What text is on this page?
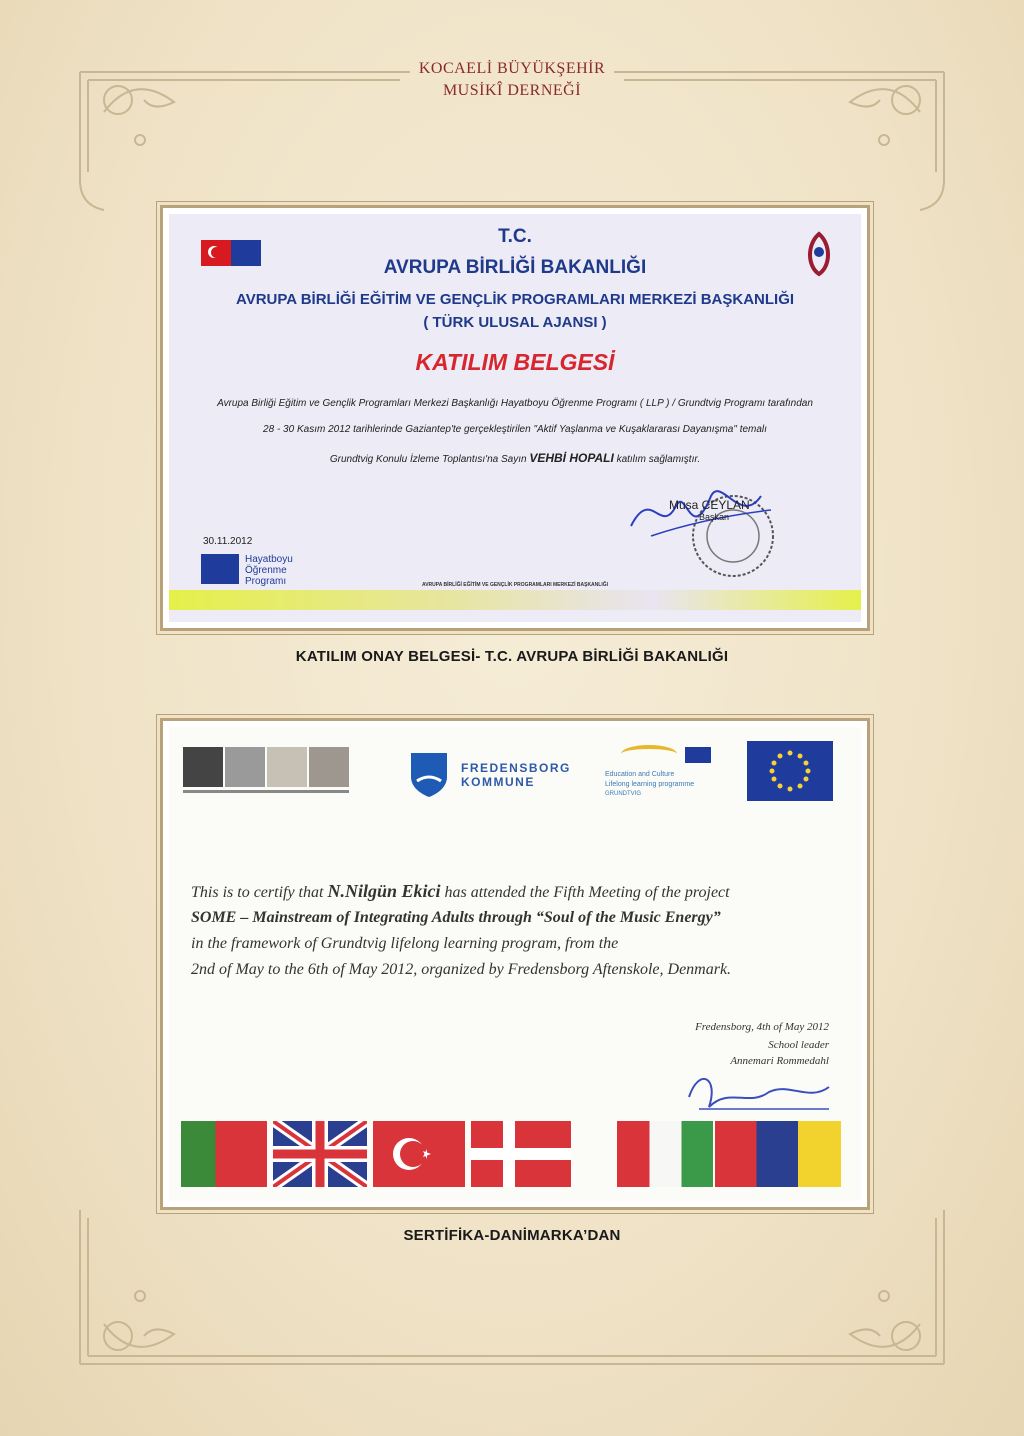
KOCAELİ BÜYÜKŞEHİR
MUSİKÎ DERNEĞİ
T.C.
AVRUPA BİRLİĞİ BAKANLIĞI
AVRUPA BİRLİĞİ EĞİTİM VE GENÇLİK PROGRAMLARI MERKEZİ BAŞKANLIĞI
( TÜRK ULUSAL AJANSI )
KATILIM BELGESİ
Avrupa Birliği Eğitim ve Gençlik Programları Merkezi Başkanlığı Hayatboyu Öğrenme Programı ( LLP ) / Grundtvig Programı tarafından
28 - 30 Kasım 2012 tarihlerinde Gaziantep'te gerçekleştirilen "Aktif Yaşlanma ve Kuşaklararası Dayanışma" temalı
Grundtvig Konulu İzleme Toplantısı'na Sayın VEHBİ HOPALI katılım sağlamıştır.
Musa CEYLAN
Başkan
30.11.2012
Hayatboyu Öğrenme Programı	AVRUPA BİRLİĞİ EĞİTİM VE GENÇLİK PROGRAMLARI MERKEZİ BAŞKANLIĞI
KATILIM ONAY BELGESİ- T.C. AVRUPA BİRLİĞİ BAKANLIĞI
FREDENSBORG KOMMUNE
Education and Culture
Lifelong learning programme
GRUNDTVIG
This is to certify that N.Nilgün Ekici has attended the Fifth Meeting of the project
SOME – Mainstream of Integrating Adults through “Soul of the Music Energy”
in the framework of Grundtvig lifelong learning program, from the
2nd of May to the 6th of May 2012, organized by Fredensborg Aftenskole, Denmark.
Fredensborg, 4th of May 2012
School leader
Annemari Rommedahl
SERTİFİKA-DANİMARKA’DAN
